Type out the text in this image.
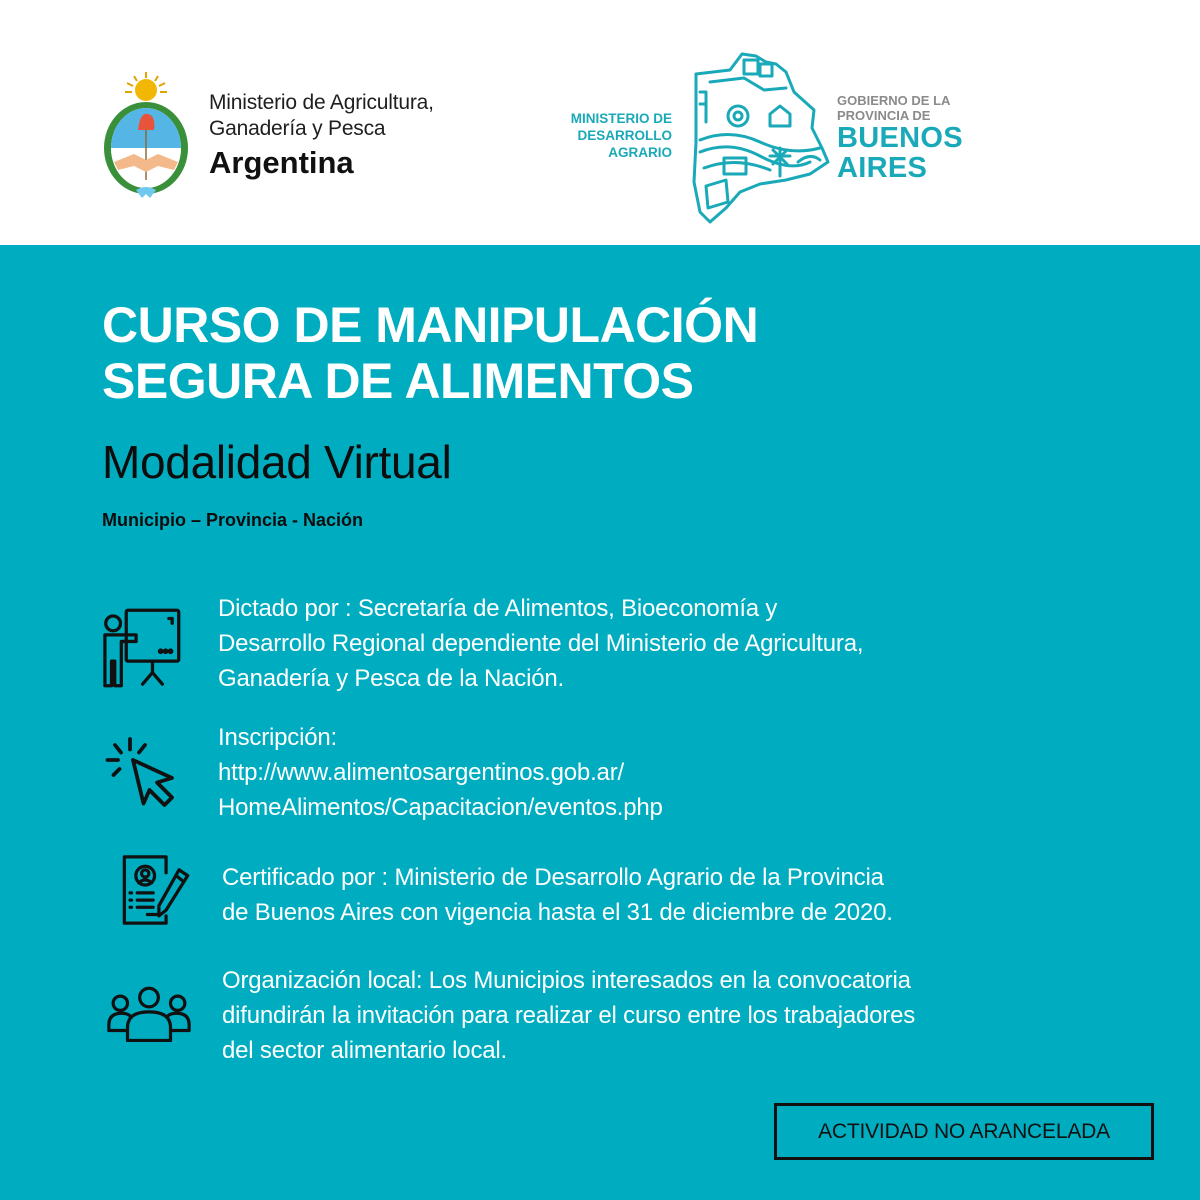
Ministerio de Agricultura,
Ganadería y Pesca
Argentina
MINISTERIO DE
DESARROLLO
AGRARIO
GOBIERNO DE LA
PROVINCIA DE
BUENOS
AIRES
CURSO DE MANIPULACIÓN
SEGURA DE ALIMENTOS
Modalidad Virtual
Municipio – Provincia - Nación
Dictado por : Secretaría de Alimentos, Bioeconomía y
Desarrollo Regional dependiente del Ministerio de Agricultura,
Ganadería y Pesca de la Nación.
Inscripción:
http://www.alimentosargentinos.gob.ar/
HomeAlimentos/Capacitacion/eventos.php
Certificado por : Ministerio de Desarrollo Agrario de la Provincia
de Buenos Aires con vigencia hasta el 31 de diciembre de 2020.
Organización local: Los Municipios interesados en la convocatoria
difundirán la invitación para realizar el curso entre los trabajadores
del sector alimentario local.
ACTIVIDAD NO ARANCELADA
